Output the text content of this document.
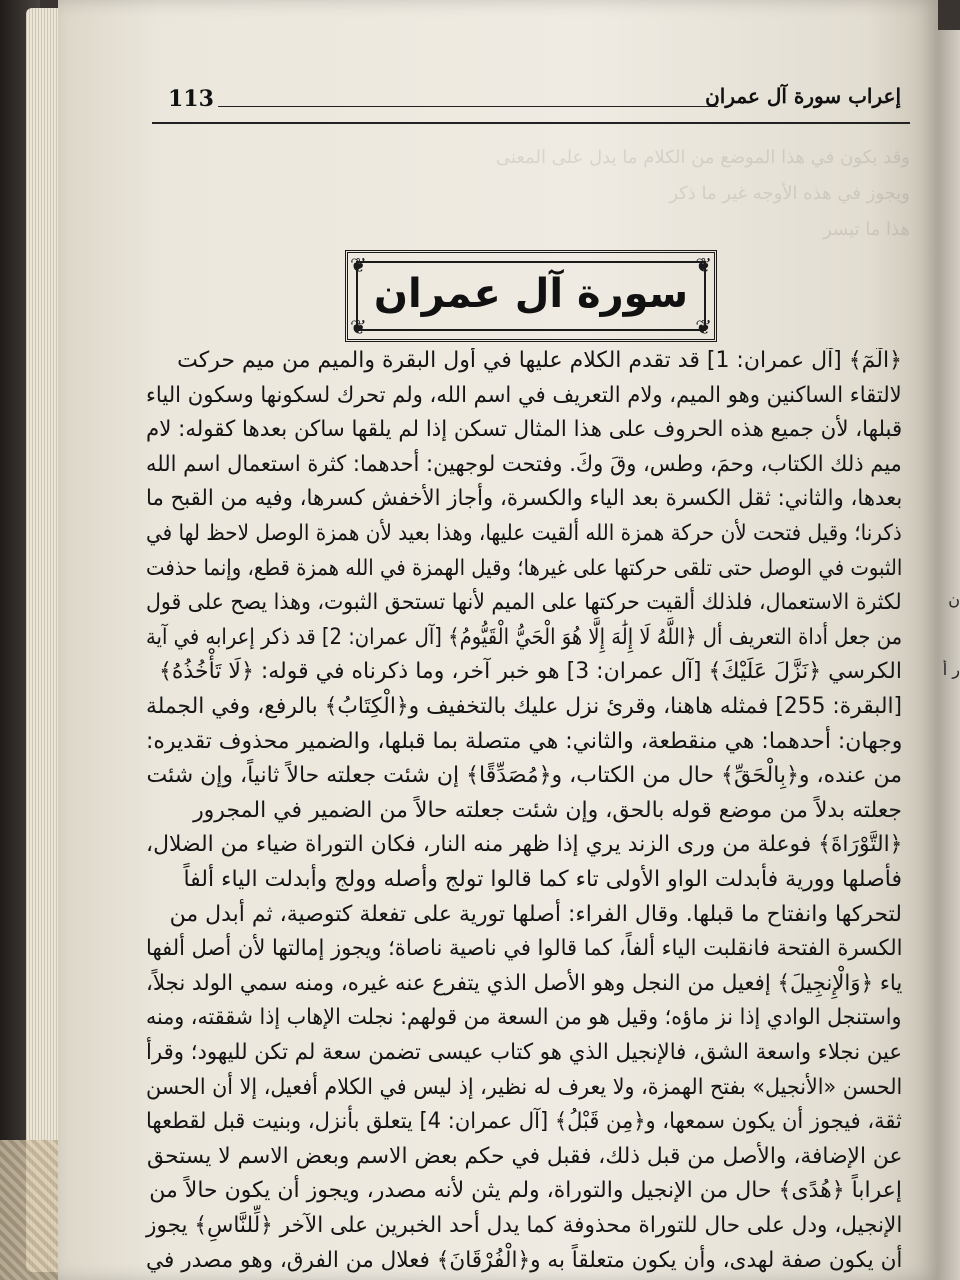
ن
ر أ
113	إعراب سورة آل عمران
وقد يكون في هذا الموضع من الكلام ما يدل على المعنى
ويجوز في هذه الأوجه غير ما ذكر
هذا ما تيسر
❦	❦
❦	❦
سورة آل عمران
﴿الٓمٓ﴾ [آل عمران: 1] قد تقدم الكلام عليها في أول البقرة والميم من ميم حركت
لالتقاء الساكنين وهو الميم، ولام التعريف في اسم الله، ولم تحرك لسكونها وسكون الياء
قبلها، لأن جميع هذه الحروف على هذا المثال تسكن إذا لم يلقها ساكن بعدها كقوله: لام
ميم ذلك الكتاب، وحمَ، وطس، وقَ وكَ. وفتحت لوجهين: أحدهما: كثرة استعمال اسم الله
بعدها، والثاني: ثقل الكسرة بعد الياء والكسرة، وأجاز الأخفش كسرها، وفيه من القبح ما
ذكرنا؛ وقيل فتحت لأن حركة همزة الله ألقيت عليها، وهذا بعيد لأن همزة الوصل لاحظ لها في
الثبوت في الوصل حتى تلقى حركتها على غيرها؛ وقيل الهمزة في الله همزة قطع، وإنما حذفت
لكثرة الاستعمال، فلذلك ألقيت حركتها على الميم لأنها تستحق الثبوت، وهذا يصح على قول
من جعل أداة التعريف أل ﴿اللَّهُ لَا إِلَٰهَ إِلَّا هُوَ الْحَيُّ الْقَيُّومُ﴾ [آل عمران: 2] قد ذكر إعرابه في آية
الكرسي ﴿نَزَّلَ عَلَيْكَ﴾ [آل عمران: 3] هو خبر آخر، وما ذكرناه في قوله: ﴿لَا تَأْخُذُهُ﴾
[البقرة: 255] فمثله هاهنا، وقرئ نزل عليك بالتخفيف و﴿الْكِتَابُ﴾ بالرفع، وفي الجملة
وجهان: أحدهما: هي منقطعة، والثاني: هي متصلة بما قبلها، والضمير محذوف تقديره:
من عنده، و﴿بِالْحَقِّ﴾ حال من الكتاب، و﴿مُصَدِّقًا﴾ إن شئت جعلته حالاً ثانياً، وإن شئت
جعلته بدلاً من موضع قوله بالحق، وإن شئت جعلته حالاً من الضمير في المجرور
﴿التَّوْرَاةَ﴾ فوعلة من ورى الزند يري إذا ظهر منه النار، فكان التوراة ضياء من الضلال،
فأصلها وورية فأبدلت الواو الأولى تاء كما قالوا تولج وأصله وولج وأبدلت الياء ألفاً
لتحركها وانفتاح ما قبلها. وقال الفراء: أصلها تورية على تفعلة كتوصية، ثم أبدل من
الكسرة الفتحة فانقلبت الياء ألفاً، كما قالوا في ناصية ناصاة؛ ويجوز إمالتها لأن أصل ألفها
ياء ﴿وَالْإِنجِيلَ﴾ إفعيل من النجل وهو الأصل الذي يتفرع عنه غيره، ومنه سمي الولد نجلاً،
واستنجل الوادي إذا نز ماؤه؛ وقيل هو من السعة من قولهم: نجلت الإهاب إذا شققته، ومنه
عين نجلاء واسعة الشق، فالإنجيل الذي هو كتاب عيسى تضمن سعة لم تكن لليهود؛ وقرأ
الحسن «الأنجيل» بفتح الهمزة، ولا يعرف له نظير، إذ ليس في الكلام أفعيل، إلا أن الحسن
ثقة، فيجوز أن يكون سمعها، و﴿مِن قَبْلُ﴾ [آل عمران: 4] يتعلق بأنزل، وبنيت قبل لقطعها
عن الإضافة، والأصل من قبل ذلك، فقبل في حكم بعض الاسم وبعض الاسم لا يستحق
إعراباً ﴿هُدًى﴾ حال من الإنجيل والتوراة، ولم يثن لأنه مصدر، ويجوز أن يكون حالاً من
الإنجيل، ودل على حال للتوراة محذوفة كما يدل أحد الخبرين على الآخر ﴿لِّلنَّاسِ﴾ يجوز
أن يكون صفة لهدى، وأن يكون متعلقاً به و﴿الْفُرْقَانَ﴾ فعلال من الفرق، وهو مصدر في
